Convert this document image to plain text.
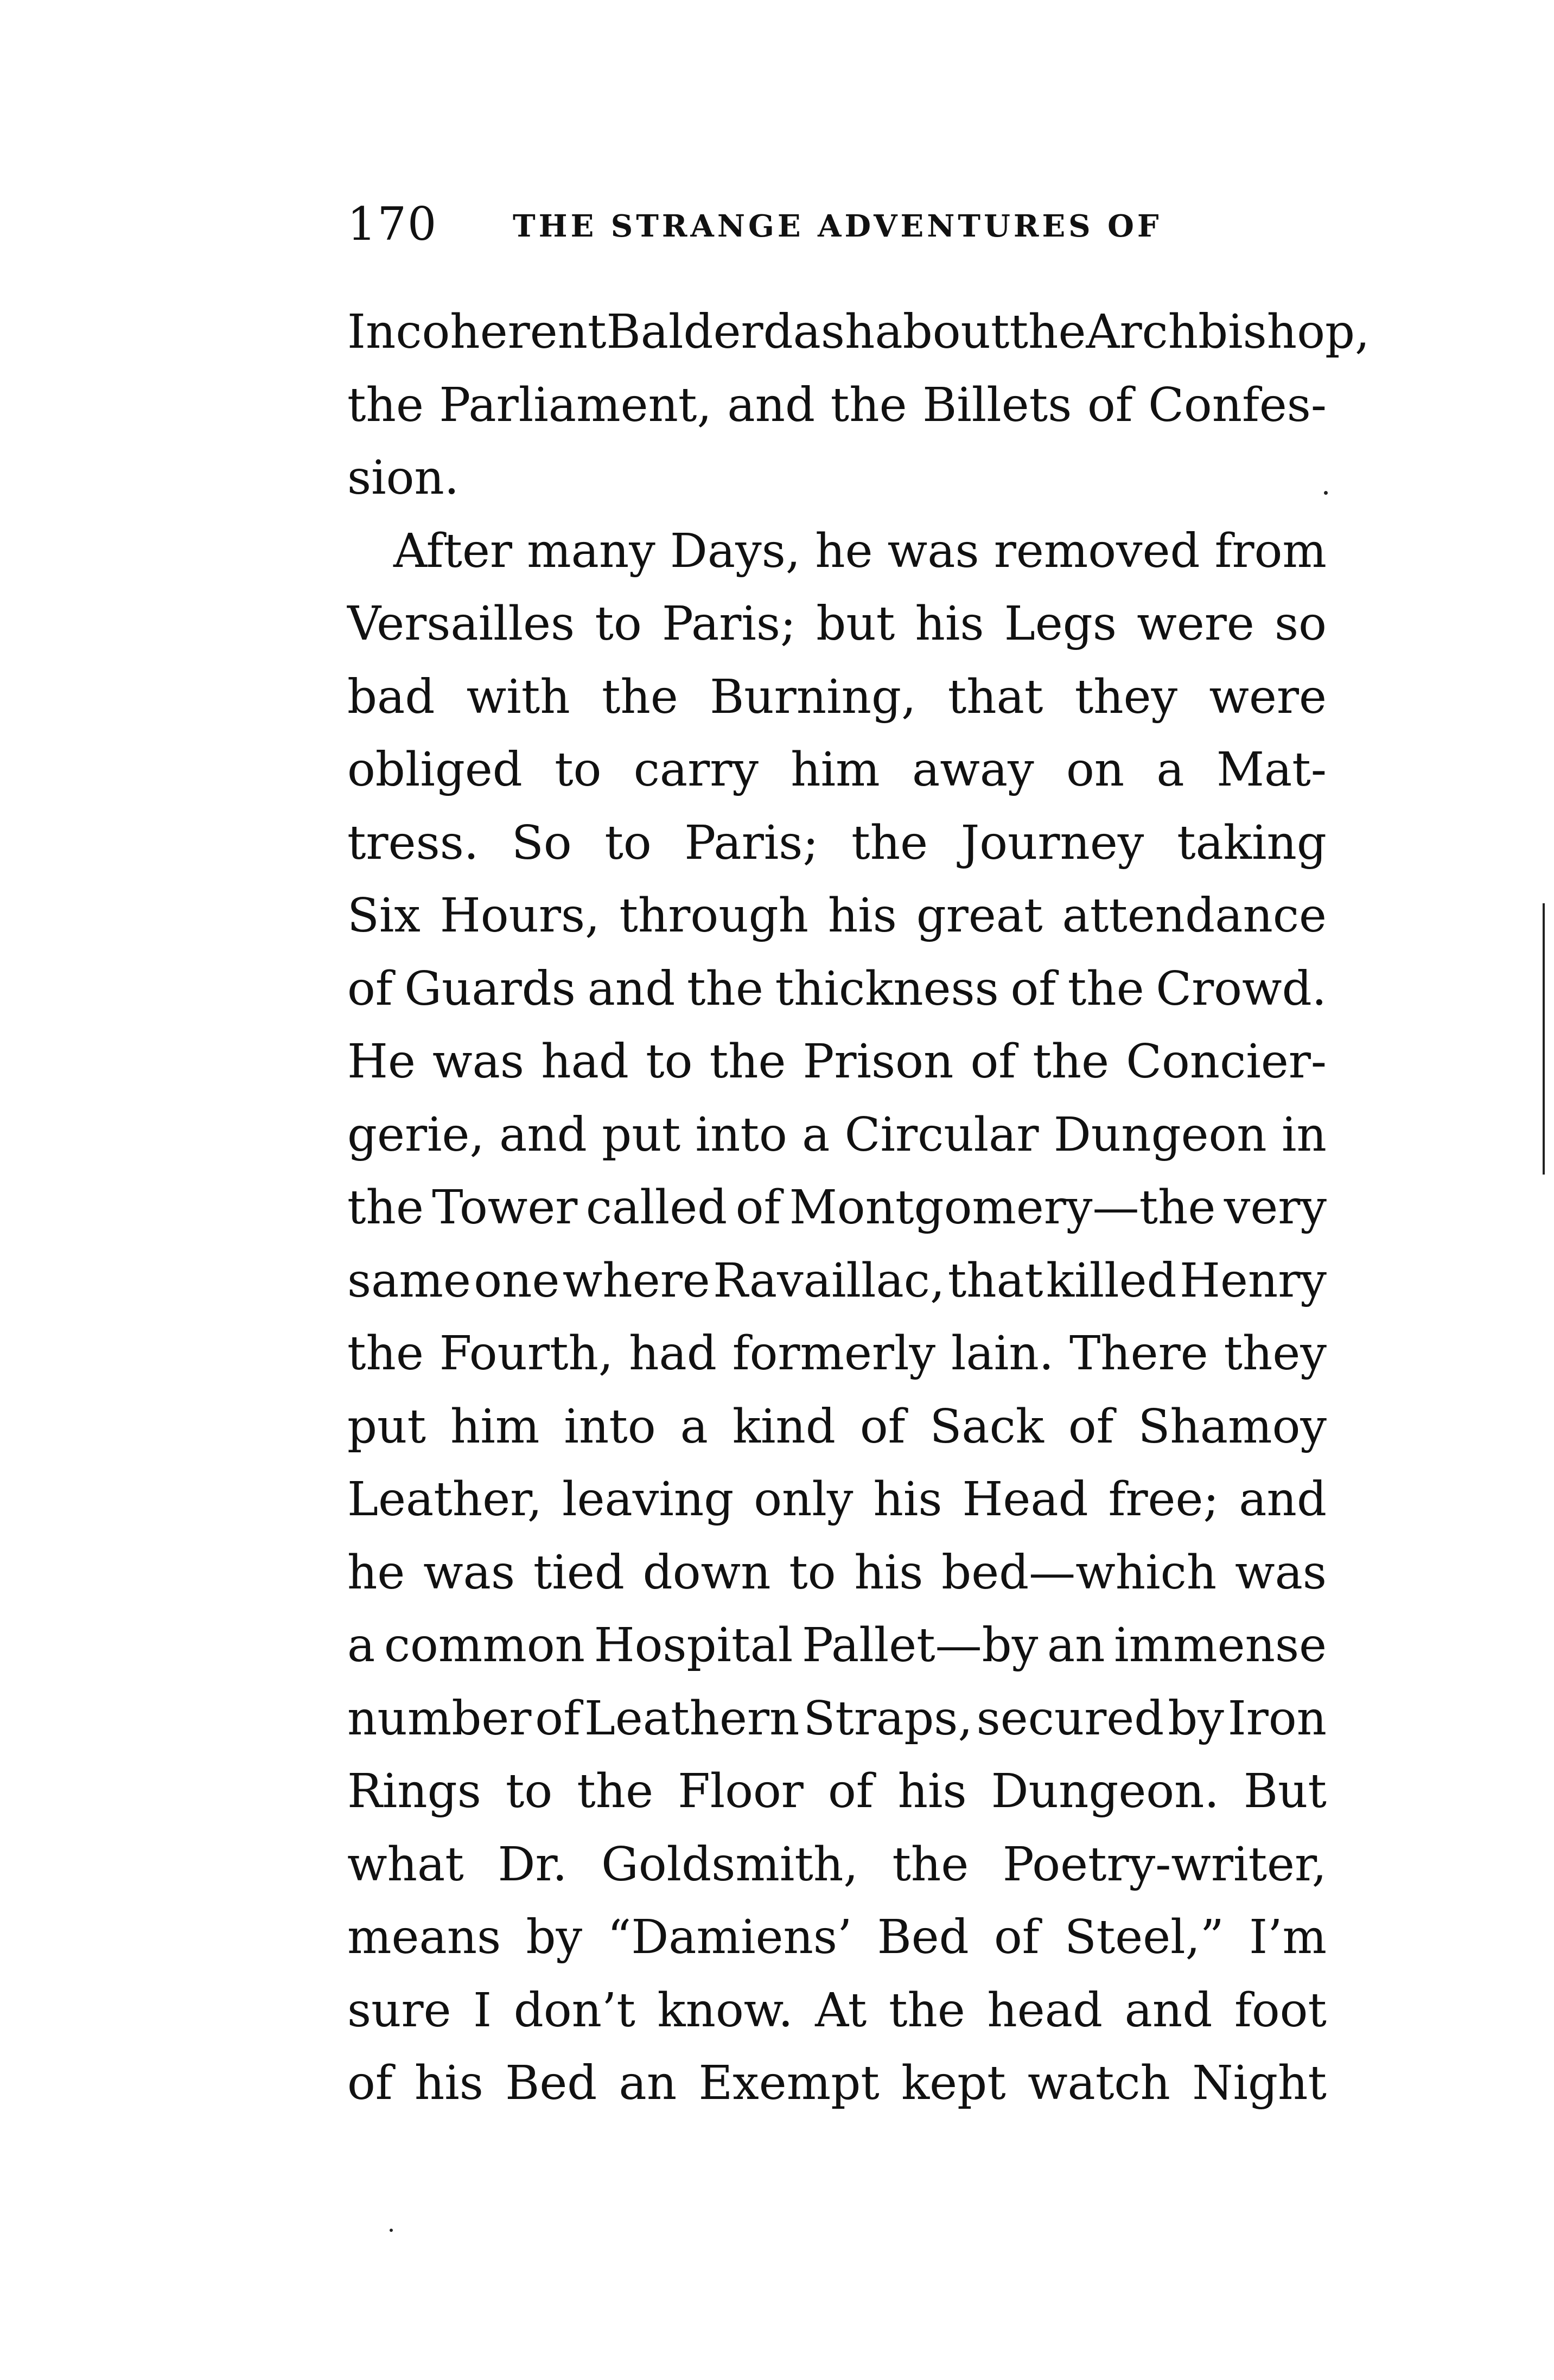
170 THE STRANGE ADVENTURES OF
Incoherent Balderdash about the Archbishop,
the Parliament, and the Billets of Confes-
sion.
After many Days, he was removed from
Versailles to Paris; but his Legs were so
bad with the Burning, that they were
obliged to carry him away on a Mat-
tress. So to Paris; the Journey taking
Six Hours, through his great attendance
of Guards and the thickness of the Crowd.
He was had to the Prison of the Concier-
gerie, and put into a Circular Dungeon in
the Tower called of Montgomery—the very
same one where Ravaillac, that killed Henry
the Fourth, had formerly lain. There they
put him into a kind of Sack of Shamoy
Leather, leaving only his Head free; and
he was tied down to his bed—which was
a common Hospital Pallet—by an immense
number of Leathern Straps, secured by Iron
Rings to the Floor of his Dungeon. But
what Dr. Goldsmith, the Poetry-writer,
means by “Damiens’ Bed of Steel,” I’m
sure I don’t know. At the head and foot
of his Bed an Exempt kept watch Night
